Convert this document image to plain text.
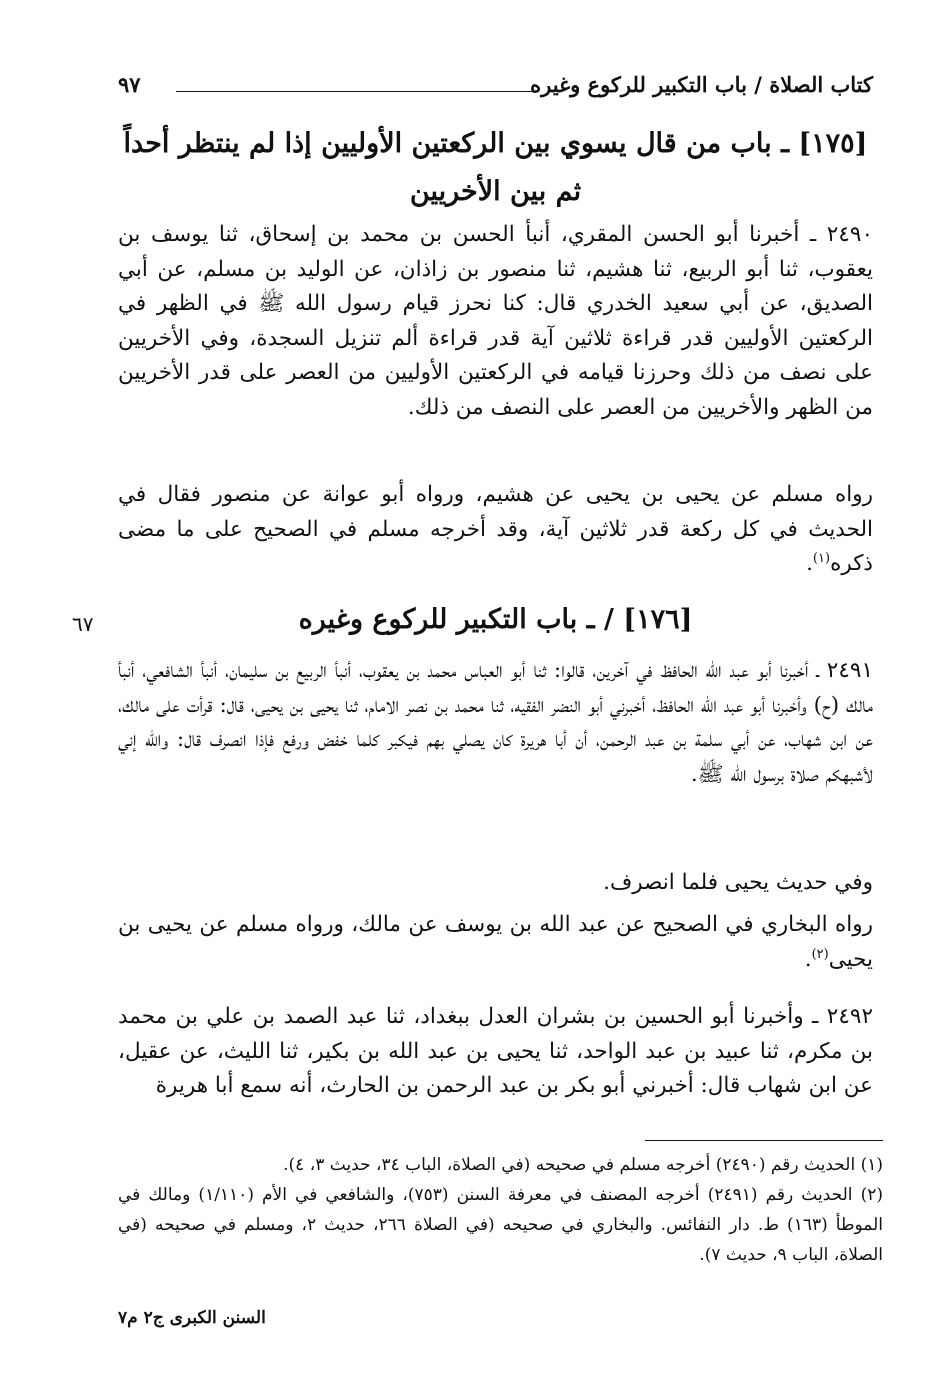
كتاب الصلاة / باب التكبير للركوع وغيره
٩٧
[١٧٥] ـ باب من قال يسوي بين الركعتين الأوليين إذا لم ينتظر أحداً ثم بين الأخريين
٢٤٩٠ ـ أخبرنا أبو الحسن المقري، أنبأ الحسن بن محمد بن إسحاق، ثنا يوسف بن يعقوب، ثنا أبو الربيع، ثنا هشيم، ثنا منصور بن زاذان، عن الوليد بن مسلم، عن أبي الصديق، عن أبي سعيد الخدري قال: كنا نحرز قيام رسول الله ﷺ في الظهر في الركعتين الأوليين قدر قراءة ثلاثين آية قدر قراءة ألم تنزيل السجدة، وفي الأخريين على نصف من ذلك وحرزنا قيامه في الركعتين الأوليين من العصر على قدر الأخريين من الظهر والأخريين من العصر على النصف من ذلك.
رواه مسلم عن يحيى بن يحيى عن هشيم، ورواه أبو عوانة عن منصور فقال في الحديث في كل ركعة قدر ثلاثين آية، وقد أخرجه مسلم في الصحيح على ما مضى ذكره$^{(١)}$.
[١٧٦] / ـ باب التكبير للركوع وغيره
٦٧
٢٤٩١ ـ أخبرنا أبو عبد الله الحافظ في آخرين، قالوا: ثنا أبو العباس محمد بن يعقوب، أنبأ الربيع بن سليمان، أنبأ الشافعي، أنبأ مالك (ح) وأخبرنا أبو عبد الله الحافظ، أخبرني أبو النضر الفقيه، ثنا محمد بن نصر الامام، ثنا يحيى بن يحيى، قال: قرأت على مالك، عن ابن شهاب، عن أبي سلمة بن عبد الرحمن، أن أبا هريرة كان يصلي بهم فيكبر كلما خفض ورفع فإذا انصرف قال: والله إني لأشبهكم صلاة برسول الله ﷺ.
وفي حديث يحيى فلما انصرف.
رواه البخاري في الصحيح عن عبد الله بن يوسف عن مالك، ورواه مسلم عن يحيى بن يحيى$^{(٢)}$.
٢٤٩٢ ـ وأخبرنا أبو الحسين بن بشران العدل ببغداد، ثنا عبد الصمد بن علي بن محمد بن مكرم، ثنا عبيد بن عبد الواحد، ثنا يحيى بن عبد الله بن بكير، ثنا الليث، عن عقيل، عن ابن شهاب قال: أخبرني أبو بكر بن عبد الرحمن بن الحارث، أنه سمع أبا هريرة

(١) الحديث رقم (٢٤٩٠) أخرجه مسلم في صحيحه (في الصلاة، الباب ٣٤، حديث ٣، ٤).

(٢) الحديث رقم (٢٤٩١) أخرجه المصنف في معرفة السنن (٧٥٣)، والشافعي في الأم (١/١١٠) ومالك في الموطأ (١٦٣) ط. دار النفائس. والبخاري في صحيحه (في الصلاة ٢٦٦، حديث ٢، ومسلم في صحيحه (في الصلاة، الباب ٩، حديث ٧).

السنن الكبرى ج٢ م٧
